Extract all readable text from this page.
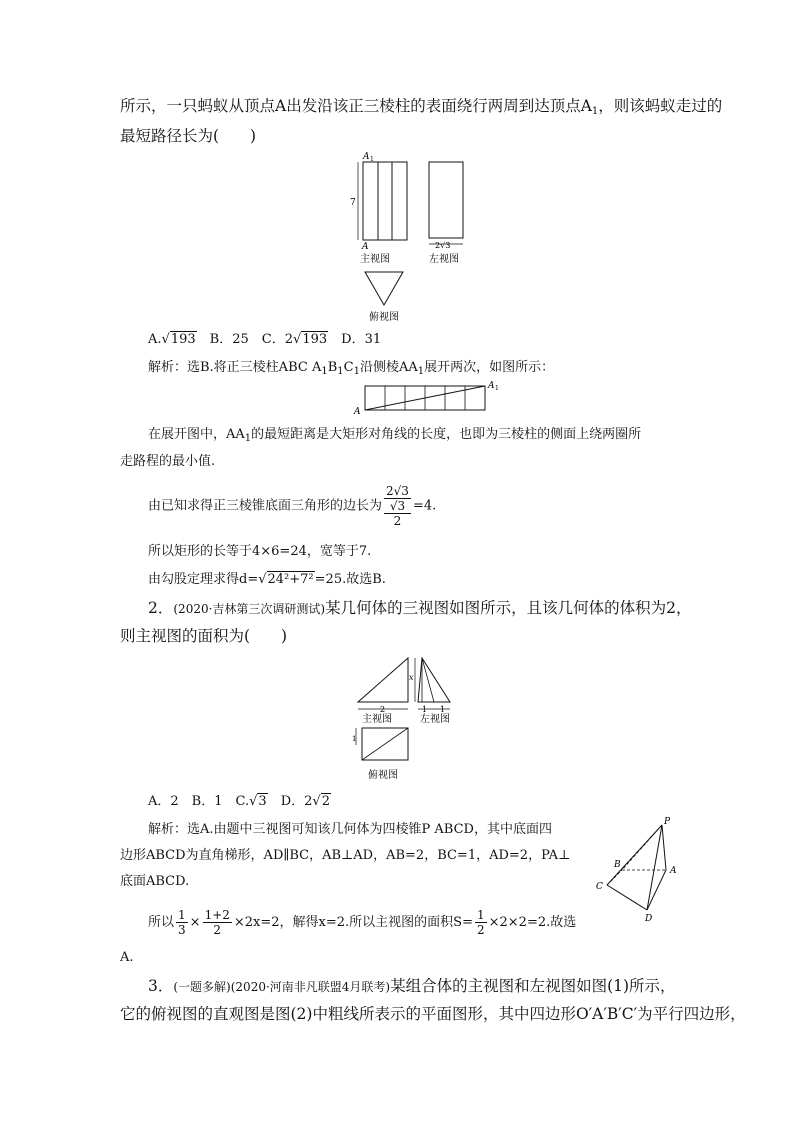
所示，一只蚂蚁从顶点A出发沿该正三棱柱的表面绕行两周到达顶点$A_1$，则该蚂蚁走过的
最短路径长为(　　)
A 1
A
7
2√3
主视图	左视图
俯视图
A.√193　 B．25　 C．2√193　 D．31
解析：选B.将正三棱柱ABC $A_1B_1C_1$沿侧棱$AA_1$展开两次，如图所示：
A
A 1
在展开图中，$AA_1$的最短距离是大矩形对角线的长度，也即为三棱柱的侧面上绕两圈所
走路程的最小值.
由已知求得正三棱锥底面三角形的边长为 2√3
√3
2 =4.
所以矩形的长等于4×6=24，宽等于7.
由勾股定理求得d=√24²+7²=25.故选B.
2．(2020·吉林第三次调研测试)某几何体的三视图如图所示，且该几何体的体积为2，
则主视图的面积为(　　)
x
2	1 1
主视图	左视图
1
俯视图
A．2　B．1　C.√3　D．2√2
解析：选A.由题中三视图可知该几何体为四棱锥P ABCD，其中底面四
边形ABCD为直角梯形，AD∥BC，AB⊥AD，AB=2，BC=1，AD=2，PA⊥
底面ABCD.
P
A
B
C
D
所以 $\frac{1}{3} \times \frac{1+2}{2} \times 2x=2$，解得x=2.所以主视图的面积$S= \frac{1}{2} \times 2\times 2=2$.故选
A.
3．(一题多解)(2020·河南非凡联盟4月联考)某组合体的主视图和左视图如图(1)所示，
它的俯视图的直观图是图(2)中粗线所表示的平面图形，其中四边形O′A′B′C′为平行四边形，
